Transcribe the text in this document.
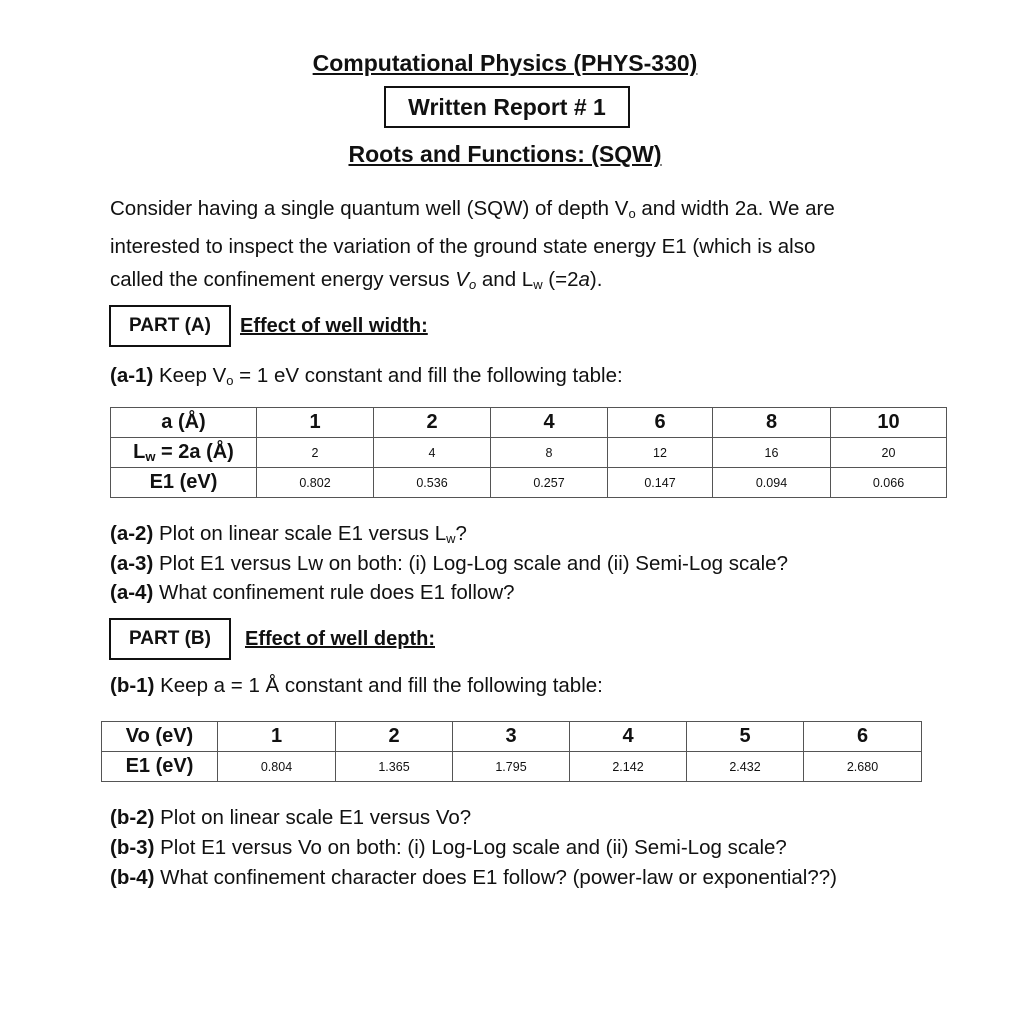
Computational Physics (PHYS-330)
Written Report # 1
Roots and Functions: (SQW)
Consider having a single quantum well (SQW) of depth $V_o$ and width 2a. We are
interested to inspect the variation of the ground state energy E1 (which is also
called the confinement energy versus $V_o$ and $L_w$ (=2a).
PART (A)	Effect of well width:
(a-1) Keep $V_o = 1$ eV constant and fill the following table:
a (Å)	1	2	4	6	8	10
$L_w = 2a$ (Å)	2	4	8	12	16	20
E1 (eV)	0.802	0.536	0.257	0.147	0.094	0.066
(a-2) Plot on linear scale E1 versus $L_w$?
(a-3) Plot E1 versus Lw on both: (i) Log-Log scale and (ii) Semi-Log scale?
(a-4) What confinement rule does E1 follow?
PART (B)	Effect of well depth:
(b-1) Keep a = 1 Å constant and fill the following table:
Vo (eV)	1	2	3	4	5	6
E1 (eV)	0.804	1.365	1.795	2.142	2.432	2.680
(b-2) Plot on linear scale E1 versus Vo?
(b-3) Plot E1 versus Vo on both: (i) Log-Log scale and (ii) Semi-Log scale?
(b-4) What confinement character does E1 follow? (power-law or exponential??)
